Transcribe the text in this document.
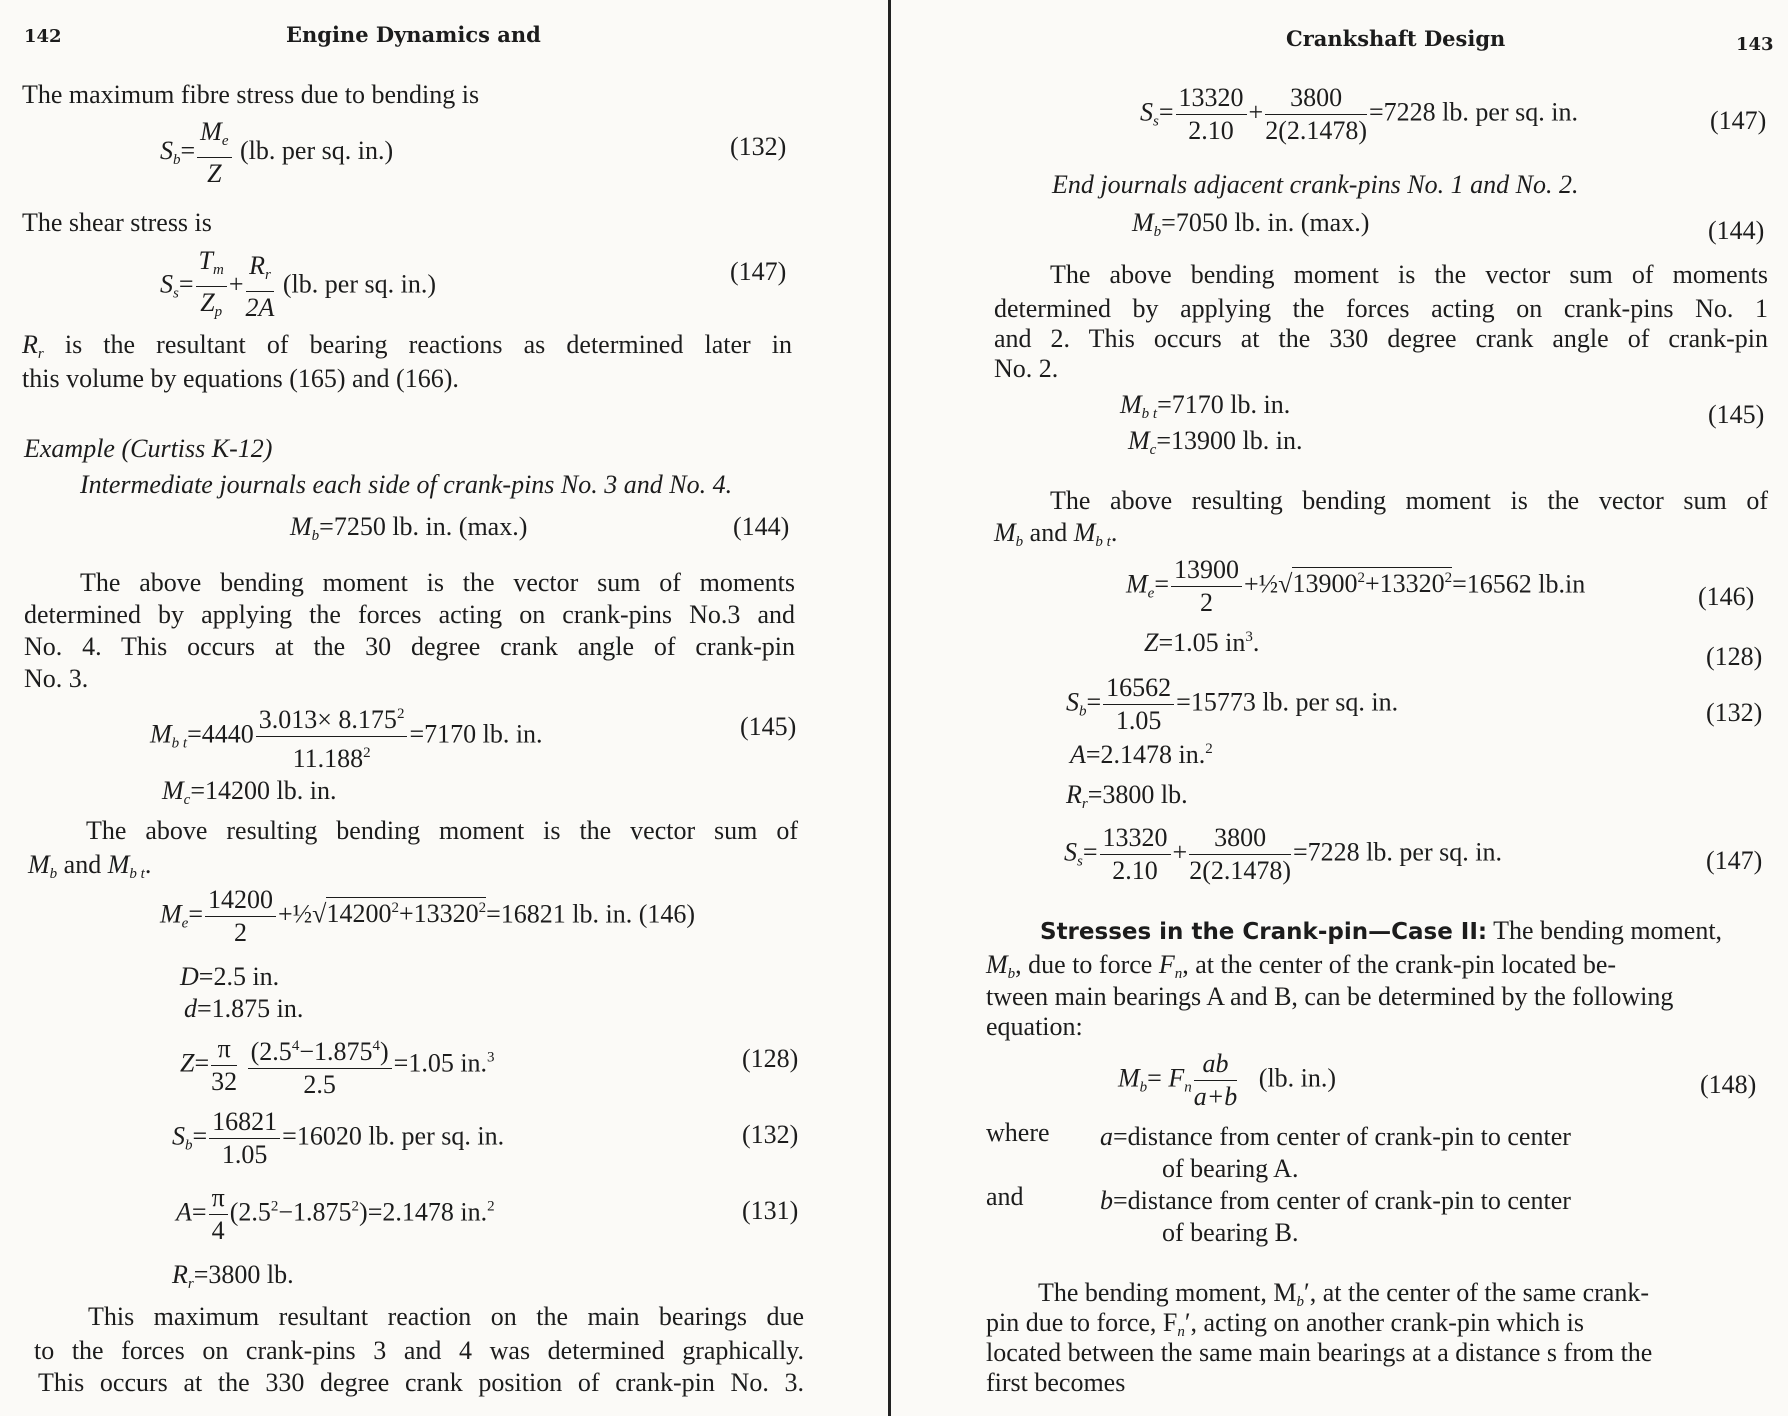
142	Engine Dynamics and
The maximum fibre stress due to bending is
$S_b= \frac{M_e}{Z} (lb$. per sq. in.)	(132)
The shear stress is
$S_s= \frac{T_m}{Z_p} + \frac{R_r}{2A} (lb$. per sq. in.)	(147)
$R_r$ is the resultant of bearing reactions as determined later in
this volume by equations (165) and (166).
Example (Curtiss K-12)
Intermediate journals each side of crank-pins No. 3 and No. 4.
$M_b=7250$ lb. in. (max.)	(144)
The above bending moment is the vector sum of moments
determined by applying the forces acting on crank-pins No.3 and
No. 4. This occurs at the 30 degree crank angle of crank-pin
No. 3.
$M_{b t}=4440 \frac{3.013\times 8.175^2}{11.188^2} =7170$ lb. in.	(145)
$M_c=14200$ lb. in.
The above resulting bending moment is the vector sum of
$M_b$ and $M_{b t}$.
$M_e= \frac{14200}{2}$ $+\frac{1}{2}√14200^2+13320^2=16821$ lb. in. (146)
D=2.5 in.
d=1.875 in.
$Z= \frac{\pi}{32}$
$\frac{(2.5^4-1.875^4)}{2.5} =1.05$ in.$^3$	(128)
$S_b= \frac{16821}{1.05} =16020$ lb. per sq. in.	(132)
$A= \frac{\pi}{4} (2.5^2-1.875^2)=2.1478$ in.$^2$	(131)
$R_r=3800$ lb.
This maximum resultant reaction on the main bearings due
to the forces on crank-pins 3 and 4 was determined graphically.
This occurs at the 330 degree crank position of crank-pin No. 3.
Crankshaft Design	143
$S_s= \frac{13320}{2.10} + \frac{3800}{2(2.1478)} =7228$ lb. per sq. in.	(147)
End journals adjacent crank-pins No. 1 and No. 2.
$M_b=7050$ lb. in. (max.)	(144)
The above bending moment is the vector sum of moments
determined by applying the forces acting on crank-pins No. 1
and 2. This occurs at the 330 degree crank angle of crank-pin
No. 2.
$M_{b t}=7170$ lb. in.	(145)
$M_c=13900$ lb. in.
The above resulting bending moment is the vector sum of
$M_b$ and $M_{b t}$.
$M_e= \frac{13900}{2}$ $+\frac{1}{2}√13900^2+13320^2=16562$ lb.in	(146)
Z=1.05 $in^3$.	(128)
$S_b= \frac{16562}{1.05} =15773$ lb. per sq. in.	(132)
A=2.1478 in.$^2$
$R_r=3800$ lb.
$S_s= \frac{13320}{2.10} + \frac{3800}{2(2.1478)} =7228$ lb. per sq. in.	(147)
Stresses in the Crank-pin—Case II: The bending moment,
$M_b$, due to force $F_n$, at the center of the crank-pin located be-
tween main bearings A and B, can be determined by the following
equation:
$M_b= F_n \frac{ab}{a+b} (lb$. in.)	(148)
where a=distance from center of crank-pin to center
of bearing A.
and	b=distance from center of crank-pin to center
of bearing B.
The bending moment, $M_b'$, at the center of the same crank-
pin due to force, $F_n'$, acting on another crank-pin which is
located between the same main bearings at a distance s from the
first becomes
